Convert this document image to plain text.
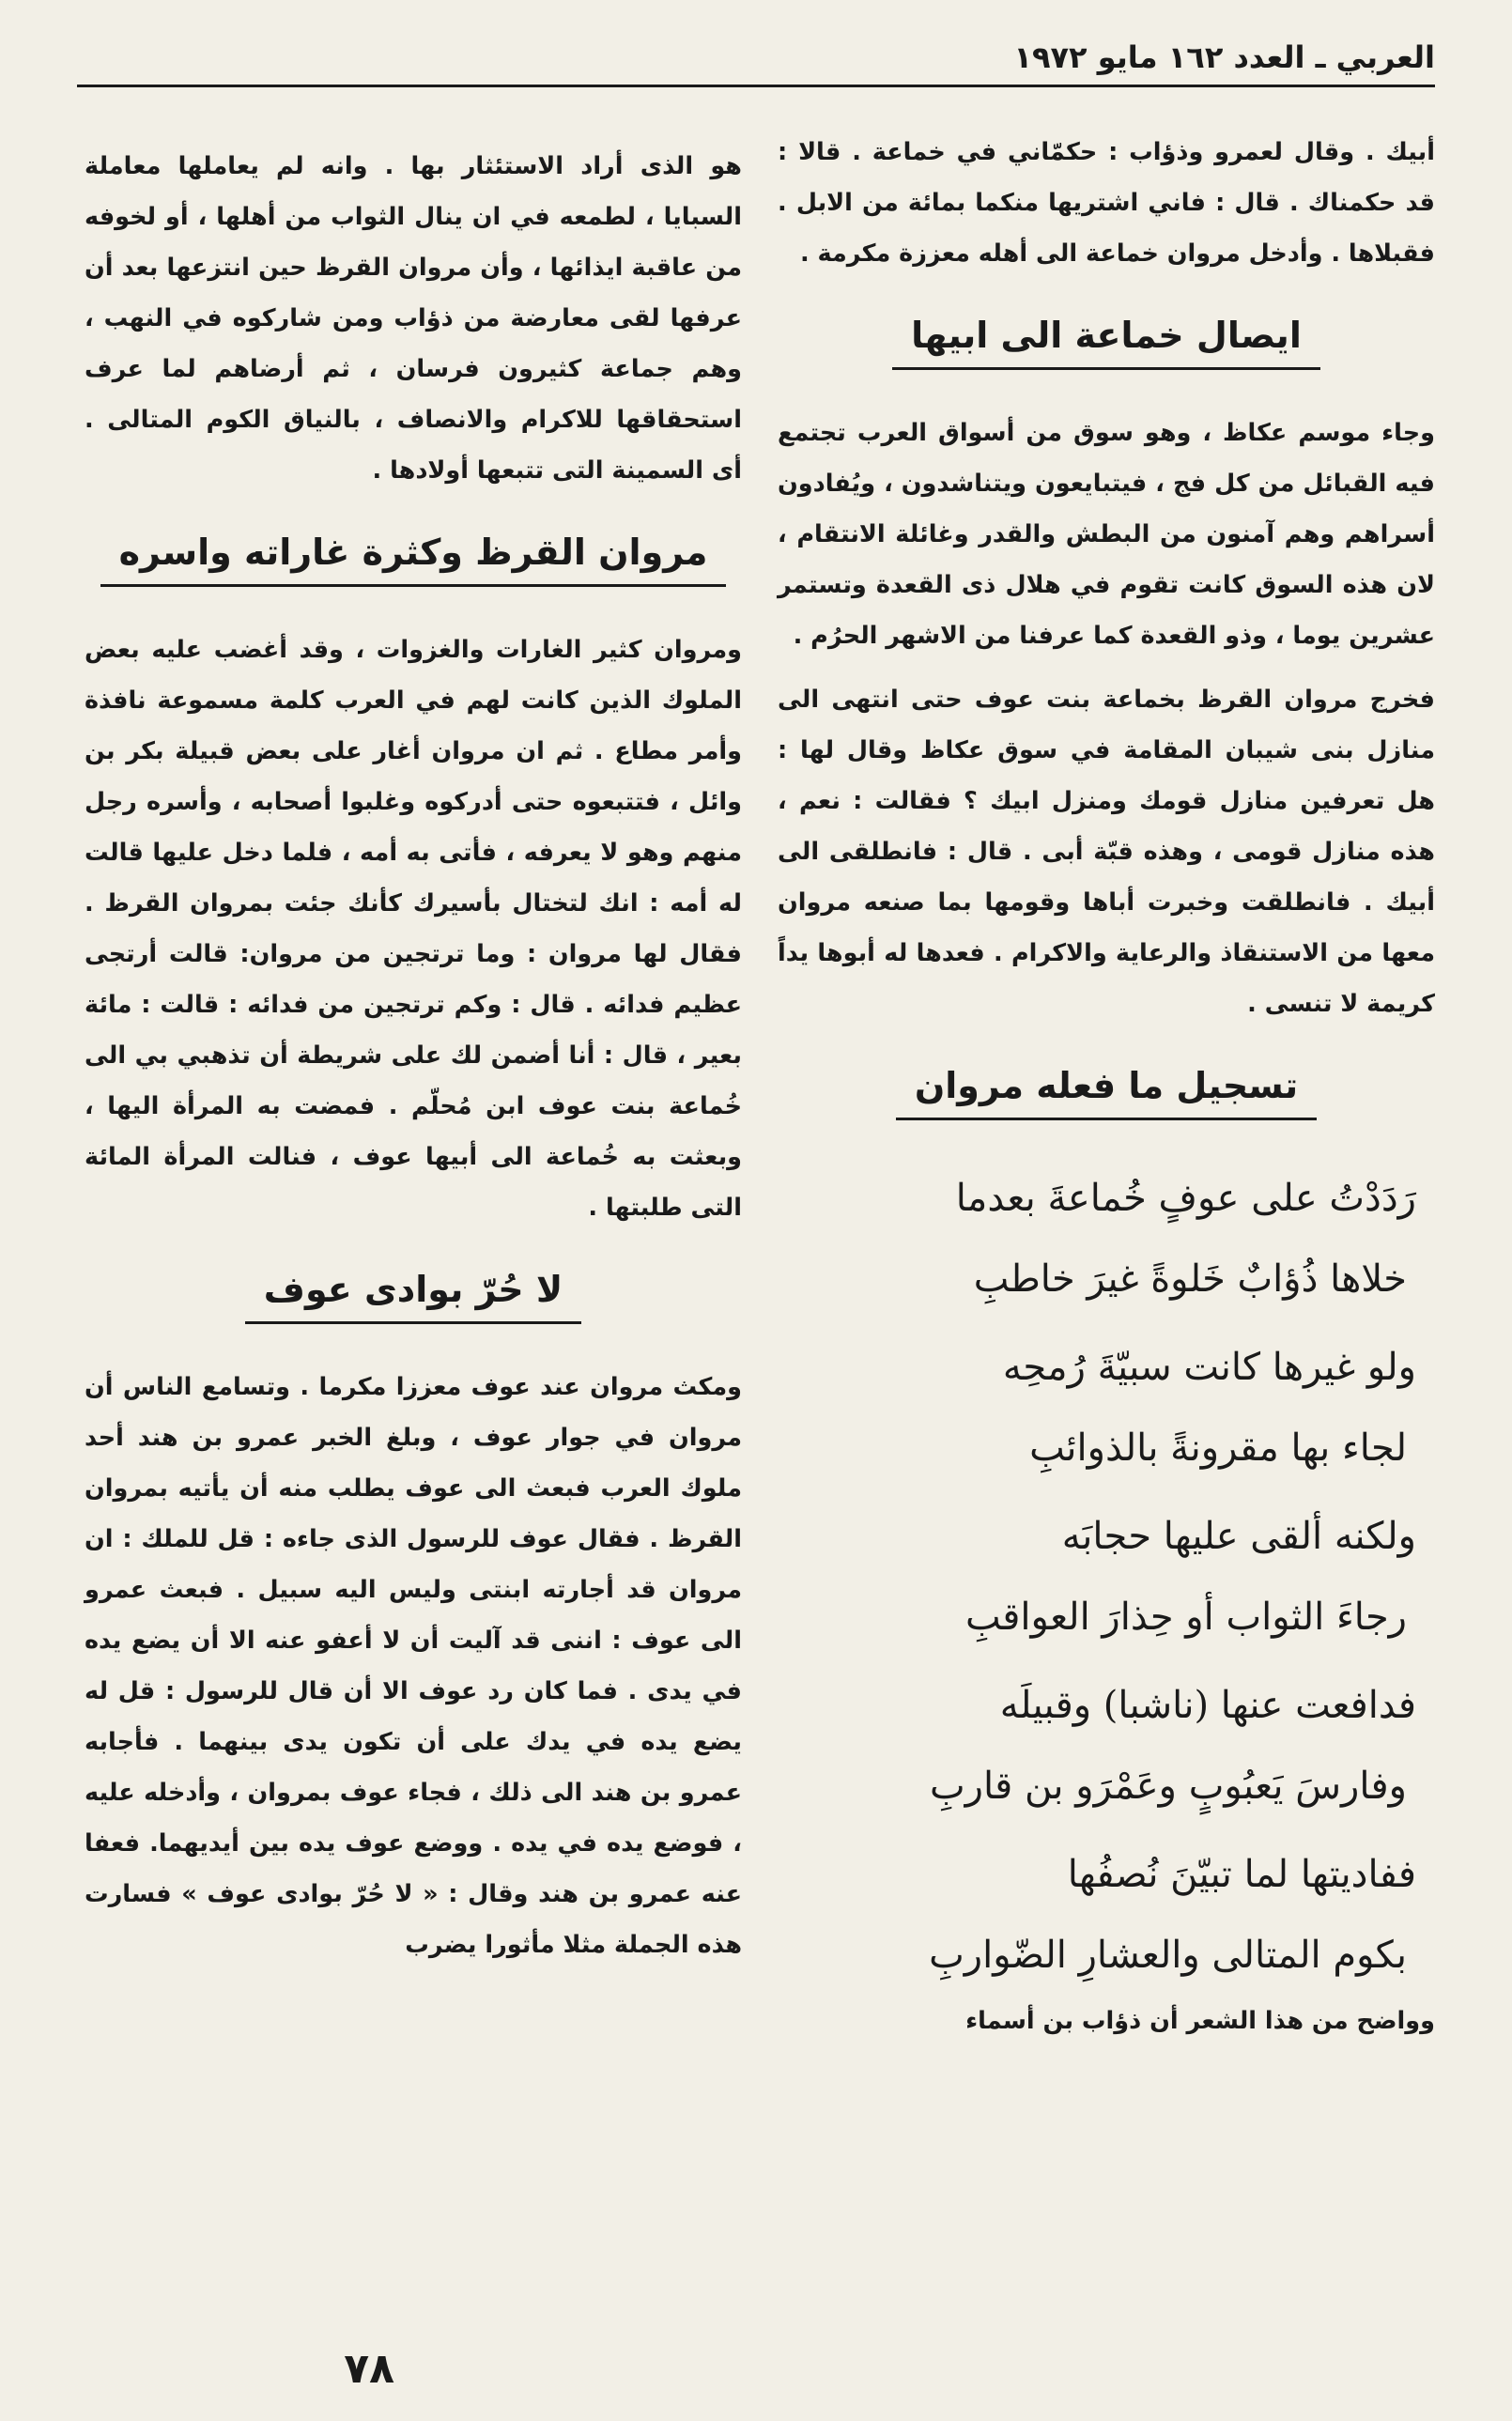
العربي ـ العدد ١٦٢ مايو ١٩٧٢

أبيك . وقال لعمرو وذؤاب : حكمّاني في خماعة . قالا : قد حكمناك . قال : فاني اشتريها منكما بمائة من الابل . فقبلاها . وأدخل مروان خماعة الى أهله معززة مكرمة .

ايصال خماعة الى ابيها

وجاء موسم عكاظ ، وهو سوق من أسواق العرب تجتمع فيه القبائل من كل فج ، فيتبايعون ويتناشدون ، ويُفادون أسراهم وهم آمنون من البطش والقدر وغائلة الانتقام ، لان هذه السوق كانت تقوم في هلال ذى القعدة وتستمر عشرين يوما ، وذو القعدة كما عرفنا من الاشهر الحرُم .

فخرج مروان القرظ بخماعة بنت عوف حتى انتهى الى منازل بنى شيبان المقامة في سوق عكاظ وقال لها : هل تعرفين منازل قومك ومنزل ابيك ؟ فقالت : نعم ، هذه منازل قومى ، وهذه قبّة أبى . قال : فانطلقى الى أبيك . فانطلقت وخبرت أباها وقومها بما صنعه مروان معها من الاستنقاذ والرعاية والاكرام . فعدها له أبوها يداً كريمة لا تنسى .

تسجيل ما فعله مروان
رَدَدْتُ على عوفٍ خُماعةَ بعدما
خلاها ذُؤابٌ خَلوةً غيرَ خاطبِ
ولو غيرها كانت سبيّةَ رُمحِه
لجاء بها مقرونةً بالذوائبِ
ولكنه ألقى عليها حجابَه
رجاءَ الثواب أو حِذارَ العواقبِ
فدافعت عنها (ناشبا) وقبيلَه
وفارسَ يَعبُوبٍ وعَمْرَو بن قاربِ
ففاديتها لما تبيّنَ نُصفُها
بكوم المتالى والعشارِ الضّواربِ

وواضح من هذا الشعر أن ذؤاب بن أسماء

هو الذى أراد الاستئثار بها . وانه لم يعاملها معاملة السبايا ، لطمعه في ان ينال الثواب من أهلها ، أو لخوفه من عاقبة ايذائها ، وأن مروان القرظ حين انتزعها بعد أن عرفها لقى معارضة من ذؤاب ومن شاركوه في النهب ، وهم جماعة كثيرون فرسان ، ثم أرضاهم لما عرف استحقاقها للاكرام والانصاف ، بالنياق الكوم المتالى . أى السمينة التى تتبعها أولادها .

مروان القرظ وكثرة غاراته واسره

ومروان كثير الغارات والغزوات ، وقد أغضب عليه بعض الملوك الذين كانت لهم في العرب كلمة مسموعة نافذة وأمر مطاع . ثم ان مروان أغار على بعض قبيلة بكر بن وائل ، فتتبعوه حتى أدركوه وغلبوا أصحابه ، وأسره رجل منهم وهو لا يعرفه ، فأتى به أمه ، فلما دخل عليها قالت له أمه : انك لتختال بأسيرك كأنك جئت بمروان القرظ . فقال لها مروان : وما ترتجين من مروان: قالت أرتجى عظيم فدائه . قال : وكم ترتجين من فدائه : قالت : مائة بعير ، قال : أنا أضمن لك على شريطة أن تذهبي بي الى خُماعة بنت عوف ابن مُحلّم . فمضت به المرأة اليها ، وبعثت به خُماعة الى أبيها عوف ، فنالت المرأة المائة التى طلبتها .

لا حُرّ بوادى عوف

ومكث مروان عند عوف معززا مكرما . وتسامع الناس أن مروان في جوار عوف ، وبلغ الخبر عمرو بن هند أحد ملوك العرب فبعث الى عوف يطلب منه أن يأتيه بمروان القرظ . فقال عوف للرسول الذى جاءه : قل للملك : ان مروان قد أجارته ابنتى وليس اليه سبيل . فبعث عمرو الى عوف : اننى قد آليت أن لا أعفو عنه الا أن يضع يده في يدى . فما كان رد عوف الا أن قال للرسول : قل له يضع يده في يدك على أن تكون يدى بينهما . فأجابه عمرو بن هند الى ذلك ، فجاء عوف بمروان ، وأدخله عليه ، فوضع يده في يده . ووضع عوف يده بين أيديهما. فعفا عنه عمرو بن هند وقال : « لا حُرّ بوادى عوف » فسارت هذه الجملة مثلا مأثورا يضرب

٧٨
